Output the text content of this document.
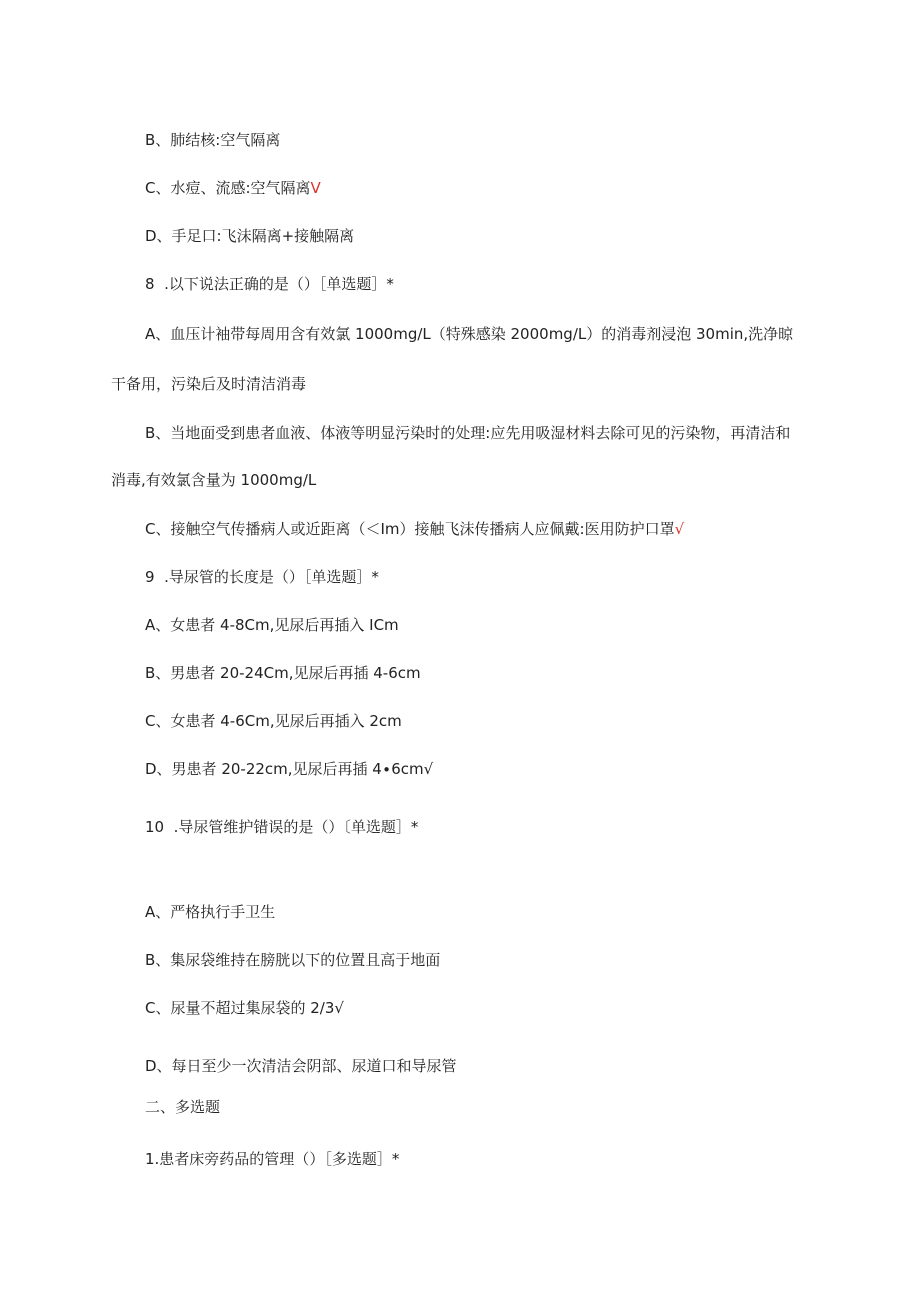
B、肺结核:空气隔离
C、水痘、流感:空气隔离V
D、手足口:飞沫隔离+接触隔离
8  .以下说法正确的是（）［单选题］*
A、血压计袖带每周用含有效氯 1000mg∕L（特殊感染 2000mg∕L）的消毒剂浸泡 30min,洗净晾
干备用，污染后及时清洁消毒
B、当地面受到患者血液、体液等明显污染时的处理:应先用吸湿材料去除可见的污染物，再清洁和
消毒,有效氯含量为 1000mg∕L
C、接触空气传播病人或近距离（＜Im）接触飞沫传播病人应佩戴:医用防护口罩√
9  .导尿管的长度是（）［单选题］*
A、女患者 4-8Cm,见尿后再插入 ICm
B、男患者 20-24Cm,见尿后再插 4-6cm
C、女患者 4-6Cm,见尿后再插入 2cm
D、男患者 20-22cm,见尿后再插 4∙6cm√
10  .导尿管维护错误的是（）〔单选题］*
A、严格执行手卫生
B、集尿袋维持在膀胱以下的位置且高于地面
C、尿量不超过集尿袋的 2∕3√
D、每日至少一次清洁会阴部、尿道口和导尿管
二、多选题
1.患者床旁药品的管理（）［多选题］*
